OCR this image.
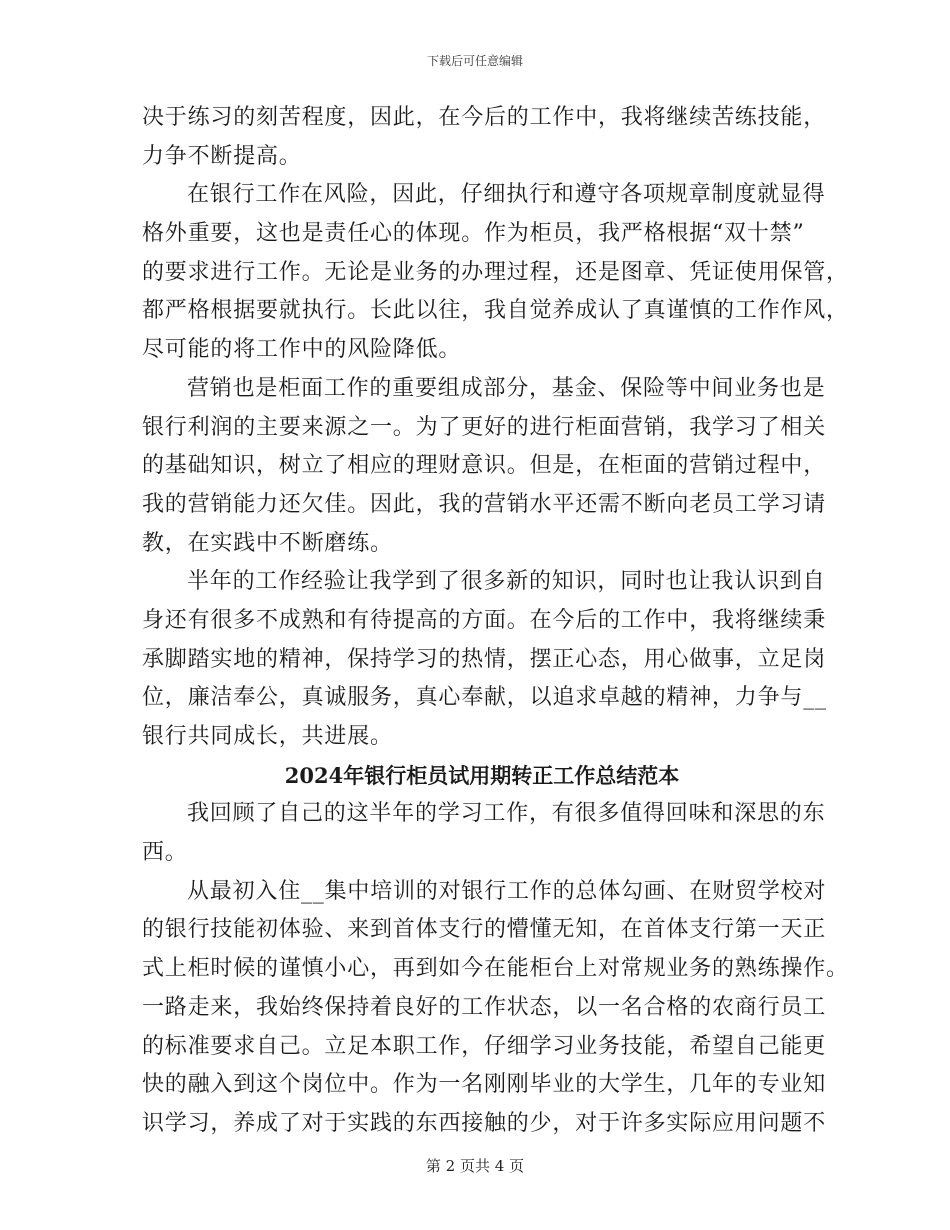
下载后可任意编辑
决于练习的刻苦程度，因此，在今后的工作中，我将继续苦练技能，
力争不断提高。
在银行工作在风险，因此，仔细执行和遵守各项规章制度就显得
格外重要，这也是责任心的体现。作为柜员，我严格根据“双十禁”
的要求进行工作。无论是业务的办理过程，还是图章、凭证使用保管，
都严格根据要就执行。长此以往，我自觉养成认了真谨慎的工作作风，
尽可能的将工作中的风险降低。
营销也是柜面工作的重要组成部分，基金、保险等中间业务也是
银行利润的主要来源之一。为了更好的进行柜面营销，我学习了相关
的基础知识，树立了相应的理财意识。但是，在柜面的营销过程中，
我的营销能力还欠佳。因此，我的营销水平还需不断向老员工学习请
教，在实践中不断磨练。
半年的工作经验让我学到了很多新的知识，同时也让我认识到自
身还有很多不成熟和有待提高的方面。在今后的工作中，我将继续秉
承脚踏实地的精神，保持学习的热情，摆正心态，用心做事，立足岗
位，廉洁奉公，真诚服务，真心奉献，以追求卓越的精神，力争与__
银行共同成长，共进展。
2024年银行柜员试用期转正工作总结范本
我回顾了自己的这半年的学习工作，有很多值得回味和深思的东
西。
从最初入住__集中培训的对银行工作的总体勾画、在财贸学校对
的银行技能初体验、来到首体支行的懵懂无知，在首体支行第一天正
式上柜时候的谨慎小心，再到如今在能柜台上对常规业务的熟练操作。
一路走来，我始终保持着良好的工作状态，以一名合格的农商行员工
的标准要求自己。立足本职工作，仔细学习业务技能，希望自己能更
快的融入到这个岗位中。作为一名刚刚毕业的大学生，几年的专业知
识学习，养成了对于实践的东西接触的少，对于许多实际应用问题不
第 2 页共 4 页
